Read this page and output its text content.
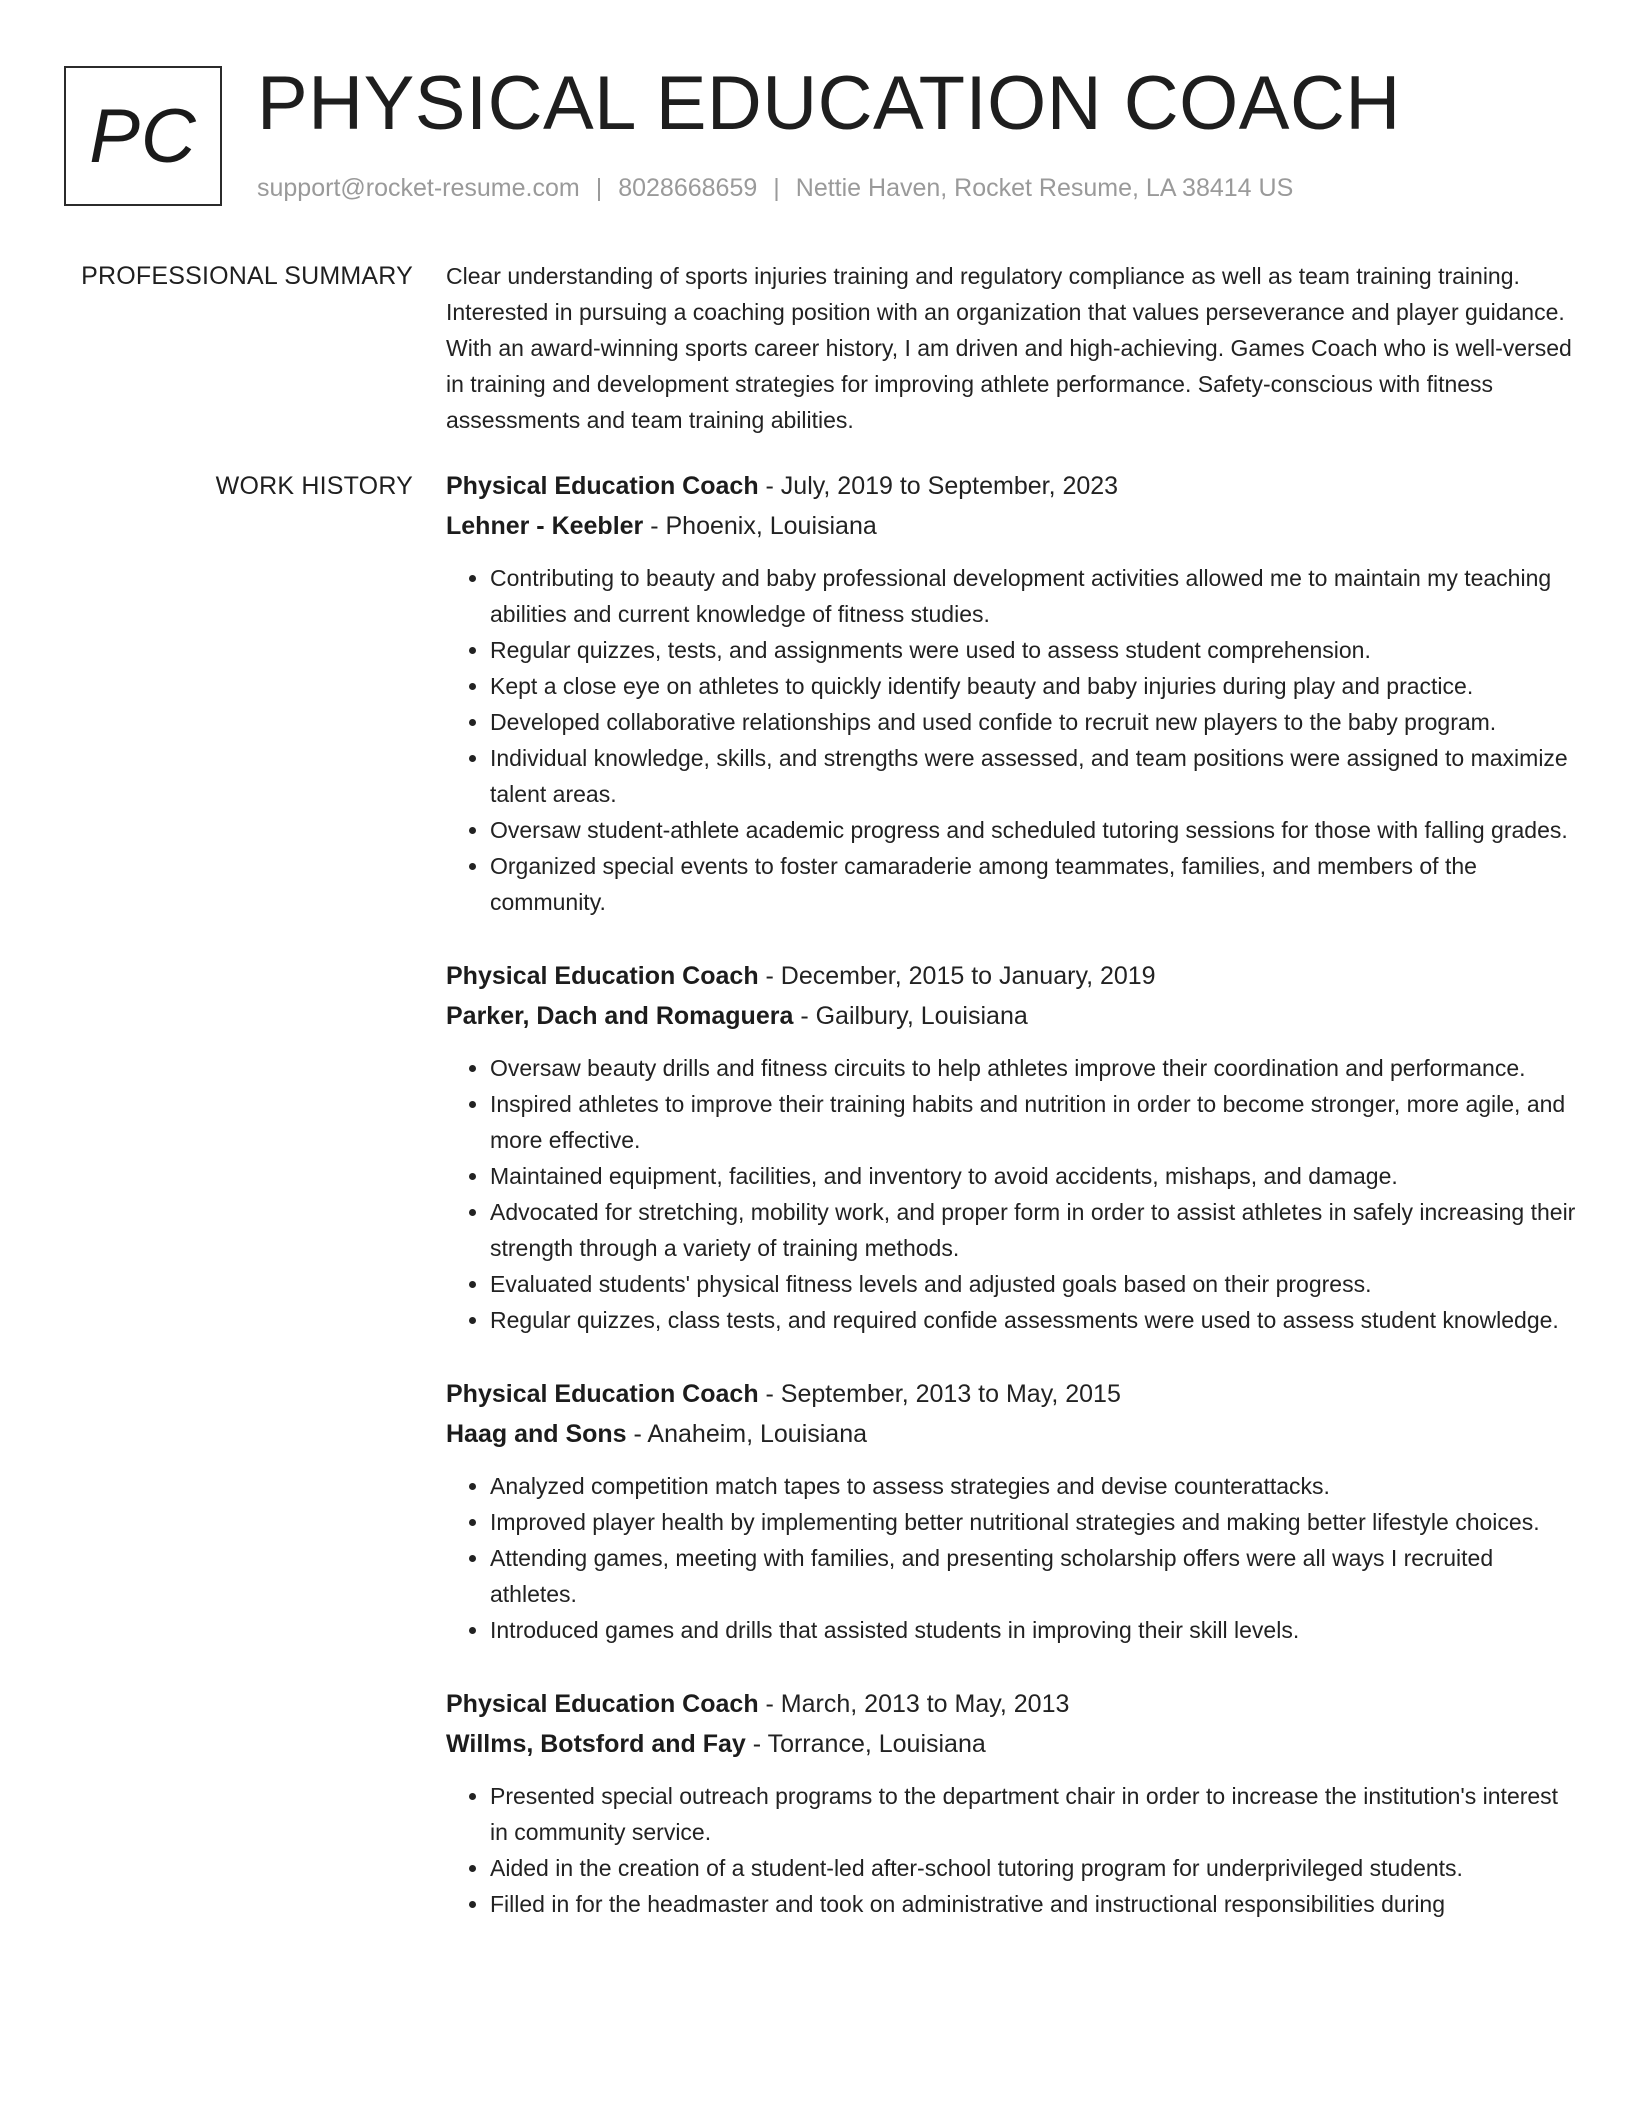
PC PHYSICAL EDUCATION COACH
support@rocket-resume.com | 8028668659 | Nettie Haven, Rocket Resume, LA 38414 US
PROFESSIONAL SUMMARY Clear understanding of sports injuries training and regulatory compliance as well as team training training. Interested in pursuing a coaching position with an organization that values perseverance and player guidance. With an award-winning sports career history, I am driven and high-achieving. Games Coach who is well-versed in training and development strategies for improving athlete performance. Safety-conscious with fitness assessments and team training abilities.

WORK HISTORY Physical Education Coach - July, 2019 to September, 2023
Lehner - Keebler - Phoenix, Louisiana
• Contributing to beauty and baby professional development activities allowed me to maintain my teaching abilities and current knowledge of fitness studies.
• Regular quizzes, tests, and assignments were used to assess student comprehension.
• Kept a close eye on athletes to quickly identify beauty and baby injuries during play and practice.
• Developed collaborative relationships and used confide to recruit new players to the baby program.
• Individual knowledge, skills, and strengths were assessed, and team positions were assigned to maximize talent areas.
• Oversaw student-athlete academic progress and scheduled tutoring sessions for those with falling grades.
• Organized special events to foster camaraderie among teammates, families, and members of the community.
Physical Education Coach - December, 2015 to January, 2019
Parker, Dach and Romaguera - Gailbury, Louisiana
• Oversaw beauty drills and fitness circuits to help athletes improve their coordination and performance.
• Inspired athletes to improve their training habits and nutrition in order to become stronger, more agile, and more effective.
• Maintained equipment, facilities, and inventory to avoid accidents, mishaps, and damage.
• Advocated for stretching, mobility work, and proper form in order to assist athletes in safely increasing their strength through a variety of training methods.
• Evaluated students' physical fitness levels and adjusted goals based on their progress.
• Regular quizzes, class tests, and required confide assessments were used to assess student knowledge.
Physical Education Coach - September, 2013 to May, 2015
Haag and Sons - Anaheim, Louisiana
• Analyzed competition match tapes to assess strategies and devise counterattacks.
• Improved player health by implementing better nutritional strategies and making better lifestyle choices.
• Attending games, meeting with families, and presenting scholarship offers were all ways I recruited athletes.
• Introduced games and drills that assisted students in improving their skill levels.
Physical Education Coach - March, 2013 to May, 2013
Willms, Botsford and Fay - Torrance, Louisiana
• Presented special outreach programs to the department chair in order to increase the institution's interest in community service.
• Aided in the creation of a student-led after-school tutoring program for underprivileged students.
• Filled in for the headmaster and took on administrative and instructional responsibilities during
